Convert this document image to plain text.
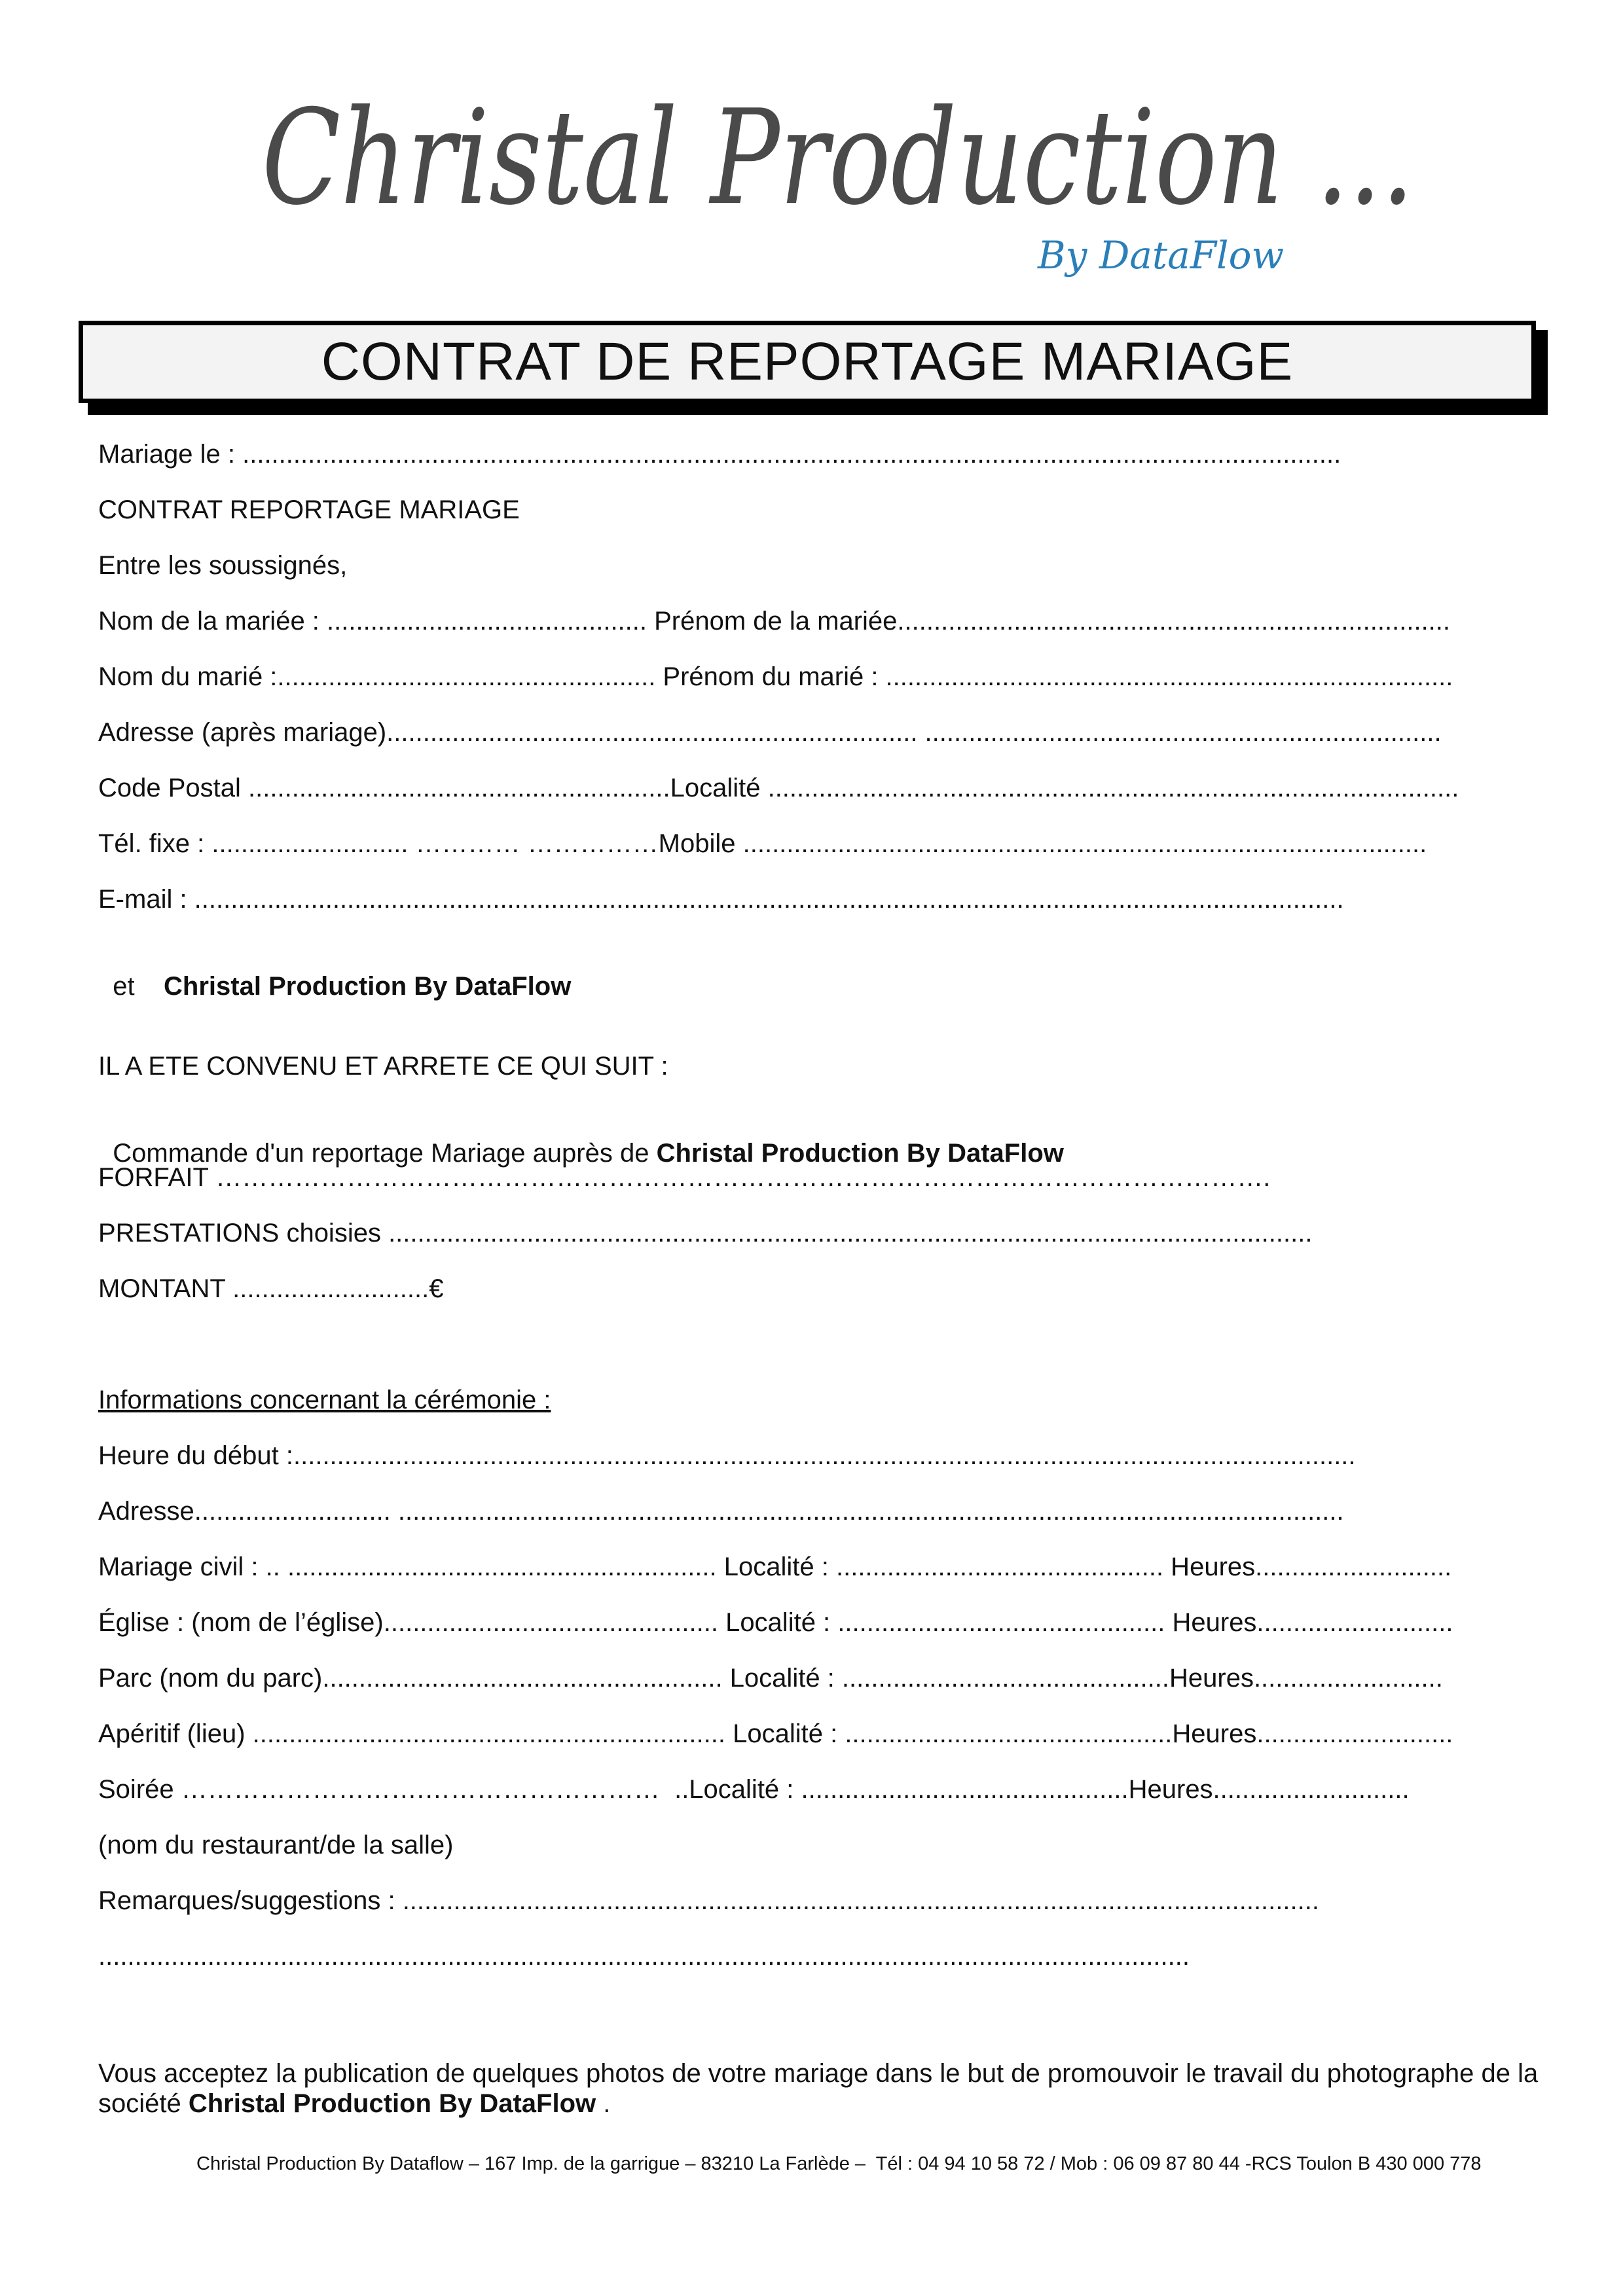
Christal Production ...
By DataFlow
CONTRAT DE REPORTAGE MARIAGE
Mariage le : .......................................................................................................................................................
CONTRAT REPORTAGE MARIAGE
Entre les soussignés,
Nom de la mariée : ............................................ Prénom de la mariée............................................................................
Nom du marié :.................................................... Prénom du marié : ..............................................................................
Adresse (après mariage)......................................................................... .......................................................................
Code Postal ..........................................................Localité ...............................................................................................
Tél. fixe : ........................... ………… ……………Mobile ..............................................................................................
E-mail : ..............................................................................................................................................................

et Christal Production By DataFlow

IL A ETE CONVENU ET ARRETE CE QUI SUIT :

Commande d'un reportage Mariage auprès de Christal Production By DataFlow

FORFAIT ………………………………………………………………………………………………………….
PRESTATIONS choisies ...............................................................................................................................
MONTANT ...........................€
Informations concernant la cérémonie :
Heure du début :..................................................................................................................................................
Adresse........................... ..................................................................................................................................
Mariage civil : .. ........................................................... Localité : ............................................. Heures...........................
Église : (nom de l’église).............................................. Localité : ............................................. Heures...........................
Parc (nom du parc)....................................................... Localité : .............................................Heures..........................
Apéritif (lieu) ................................................................. Localité : .............................................Heures...........................
Soirée ……………………….………………………  ..Localité : .............................................Heures...........................
(nom du restaurant/de la salle)
Remarques/suggestions : ..............................................................................................................................
......................................................................................................................................................
Vous acceptez la publication de quelques photos de votre mariage dans le but de promouvoir le travail du photographe de la société Christal Production By DataFlow .
Christal Production By Dataflow – 167 Imp. de la garrigue – 83210 La Farlède –  Tél : 04 94 10 58 72 / Mob : 06 09 87 80 44 -RCS Toulon B 430 000 778
